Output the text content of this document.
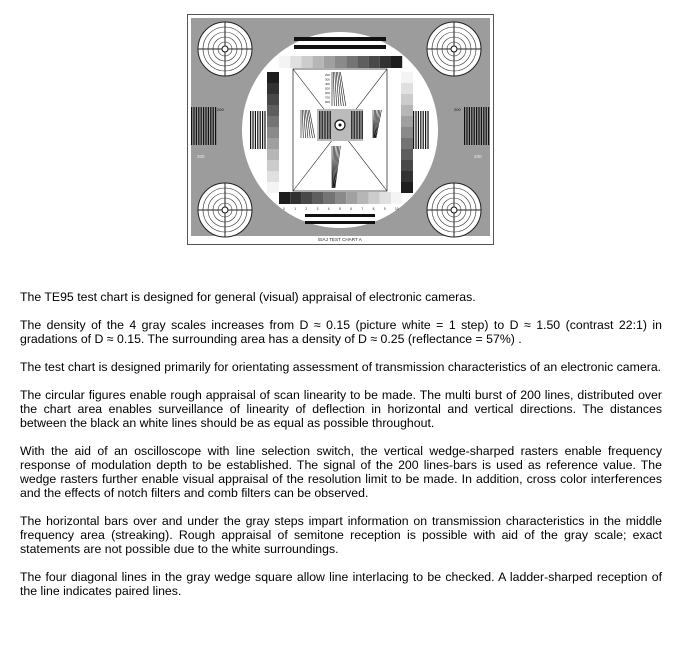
200	200
200	200
EIAJ TEST CHART A
200
300
400
500
600
700
800
0	1	2	3	4	5	6	7	8	9	10

The TE95 test chart is designed for general (visual) appraisal of electronic cameras.

The density of the 4 gray scales increases from D ≈ 0.15 (picture white = 1 step) to D ≈ 1.50 (contrast 22:1) in gradations of D ≈ 0.15. The surrounding area has a density of D ≈ 0.25 (reflectance = 57%) .

The test chart is designed primarily for orientating assessment of transmission characteristics of an electronic camera.

The circular figures enable rough appraisal of scan linearity to be made. The multi burst of 200 lines, distributed over the chart area enables surveillance of linearity of deflection in horizontal and vertical directions. The distances between the black an white lines should be as equal as possible throughout.

With the aid of an oscilloscope with line selection switch, the vertical wedge-sharped rasters enable frequency response of modulation depth to be established. The signal of the 200 lines-bars is used as reference value. The wedge rasters further enable visual appraisal of the resolution limit to be made. In addition, cross color interferences and the effects of notch filters and comb filters can be observed.

The horizontal bars over and under the gray steps impart information on transmission characteristics in the middle frequency area (streaking). Rough appraisal of semitone reception is possible with aid of the gray scale; exact statements are not possible due to the white surroundings.

The four diagonal lines in the gray wedge square allow line interlacing to be checked. A ladder-sharped reception of the line indicates paired lines.
